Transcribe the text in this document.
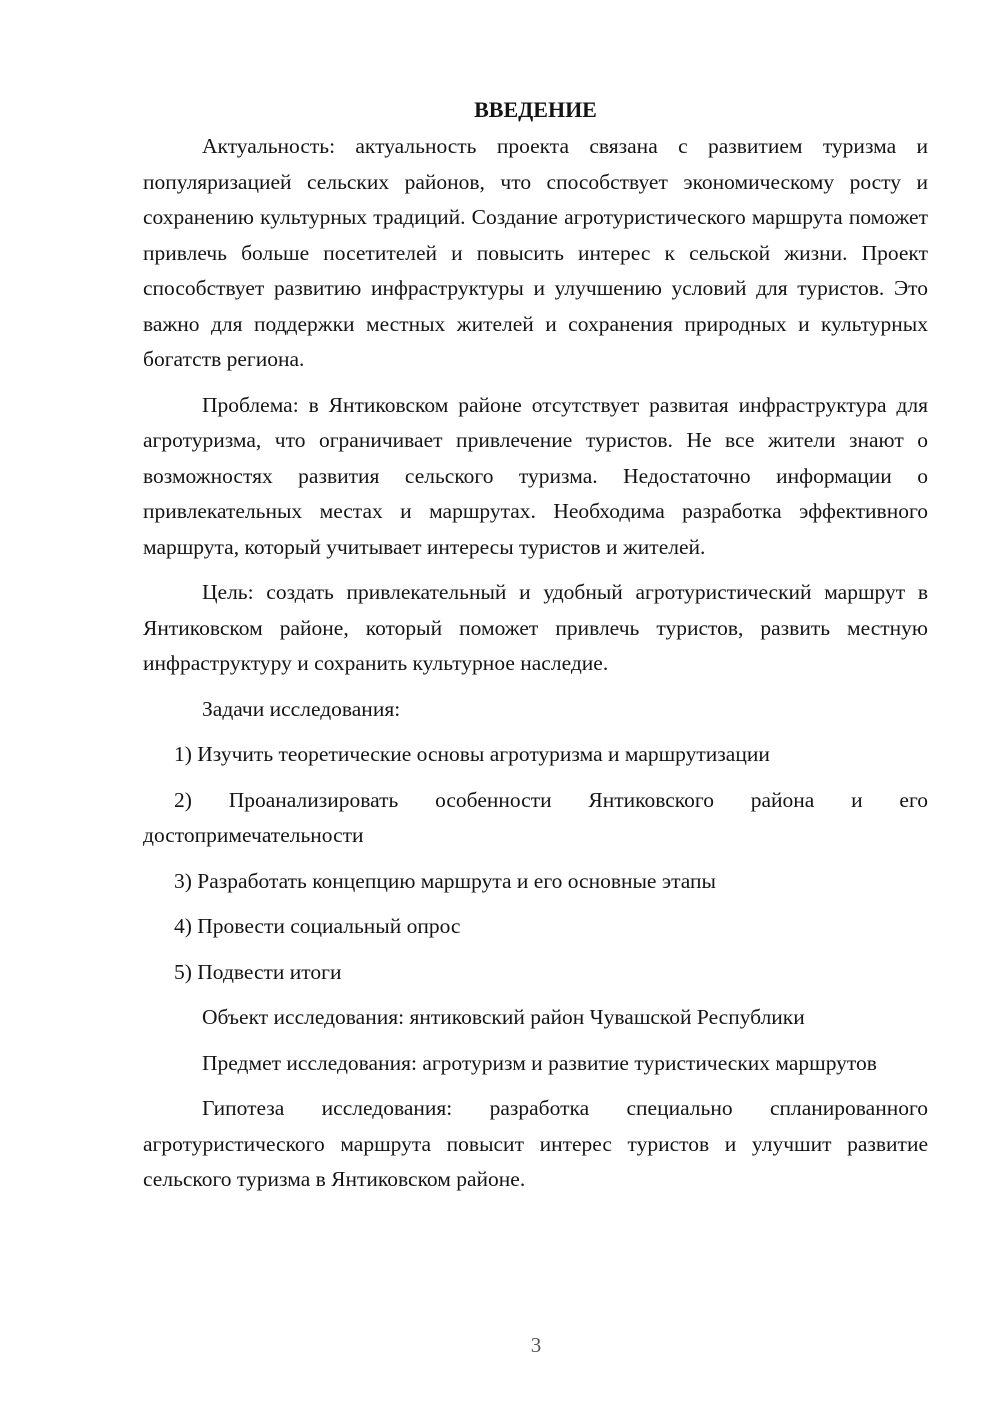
ВВЕДЕНИЕ

Актуальность: актуальность проекта связана с развитием туризма и популяризацией сельских районов, что способствует экономическому росту и сохранению культурных традиций. Создание агротуристического маршрута поможет привлечь больше посетителей и повысить интерес к сельской жизни. Проект способствует развитию инфраструктуры и улучшению условий для туристов. Это важно для поддержки местных жителей и сохранения природных и культурных богатств региона.

Проблема: в Янтиковском районе отсутствует развитая инфраструктура для агротуризма, что ограничивает привлечение туристов. Не все жители знают о возможностях развития сельского туризма. Недостаточно информации о привлекательных местах и маршрутах. Необходима разработка эффективного маршрута, который учитывает интересы туристов и жителей.

Цель: создать привлекательный и удобный агротуристический маршрут в Янтиковском районе, который поможет привлечь туристов, развить местную инфраструктуру и сохранить культурное наследие.

Задачи исследования:

1) Изучить теоретические основы агротуризма и маршрутизации

2) Проанализировать особенности Янтиковского района и его достопримечательности

3) Разработать концепцию маршрута и его основные этапы

4) Провести социальный опрос

5) Подвести итоги

Объект исследования: янтиковский район Чувашской Республики

Предмет исследования: агротуризм и развитие туристических маршрутов

Гипотеза исследования: разработка специально спланированного агротуристического маршрута повысит интерес туристов и улучшит развитие сельского туризма в Янтиковском районе.

3
